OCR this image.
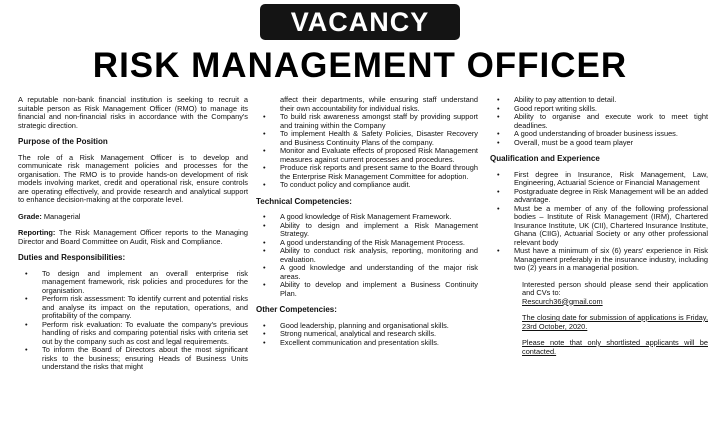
VACANCY
RISK MANAGEMENT OFFICER

A reputable non-bank financial institution is seeking to recruit a suitable person as Risk Management Officer (RMO) to manage its financial and non-financial risks in accordance with the Company's strategic direction.

Purpose of the Position

The role of a Risk Management Officer is to develop and communicate risk management policies and processes for the organisation. The RMO is to provide hands-on development of risk models involving market, credit and operational risk, ensure controls are operating effectively, and provide research and analytical support to enhance decision-making at the corporate level.

Grade: Managerial

Reporting: The Risk Management Officer reports to the Managing Director and Board Committee on Audit, Risk and Compliance.

Duties and Responsibilities:
• To design and implement an overall enterprise risk management framework, risk policies and procedures for the organisation.
• Perform risk assessment: To identify current and potential risks and analyse its impact on the reputation, operations, and profitability of the company.
• Perform risk evaluation: To evaluate the company's previous handling of risks and comparing potential risks with criteria set out by the company such as cost and legal requirements.
• To inform the Board of Directors about the most significant risks to the business; ensuring Heads of Business Units understand the risks that might

affect their departments, while ensuring staff understand their own accountability for individual risks.

• To build risk awareness amongst staff by providing support and training within the Company
• To implement Health & Safety Policies, Disaster Recovery and Business Continuity Plans of the company.
• Monitor and Evaluate effects of proposed Risk Management measures against current processes and procedures.
• Produce risk reports and present same to the Board through the Enterprise Risk Management Committee for adoption.
• To conduct policy and compliance audit.
Technical Competencies:
• A good knowledge of Risk Management Framework.
• Ability to design and implement a Risk Management Strategy.
• A good understanding of the Risk Management Process.
• Ability to conduct risk analysis, reporting, monitoring and evaluation.
• A good knowledge and understanding of the major risk areas.
• Ability to develop and implement a Business Continuity Plan.
Other Competencies:
• Good leadership, planning and organisational skills.
• Strong numerical, analytical and research skills.
• Excellent communication and presentation skills.
• Ability to pay attention to detail.
• Good report writing skills.
• Ability to organise and execute work to meet tight deadlines.
• A good understanding of broader business issues.
• Overall, must be a good team player
Qualification and Experience
• First degree in Insurance, Risk Management, Law, Engineering, Actuarial Science or Financial Management
• Postgraduate degree in Risk Management will be an added advantage.
• Must be a member of any of the following professional bodies – Institute of Risk Management (IRM), Chartered Insurance Institute, UK (CII), Chartered Insurance Institute, Ghana (CIIG), Actuarial Society or any other professional relevant body
• Must have a minimum of six (6) years' experience in Risk Management preferably in the insurance industry, including two (2) years in a managerial position.

Interested person should please send their application and CVs to:
Rescurch36@gmail.com

The closing date for submission of applications is Friday, 23rd October, 2020.

Please note that only shortlisted applicants will be contacted.
